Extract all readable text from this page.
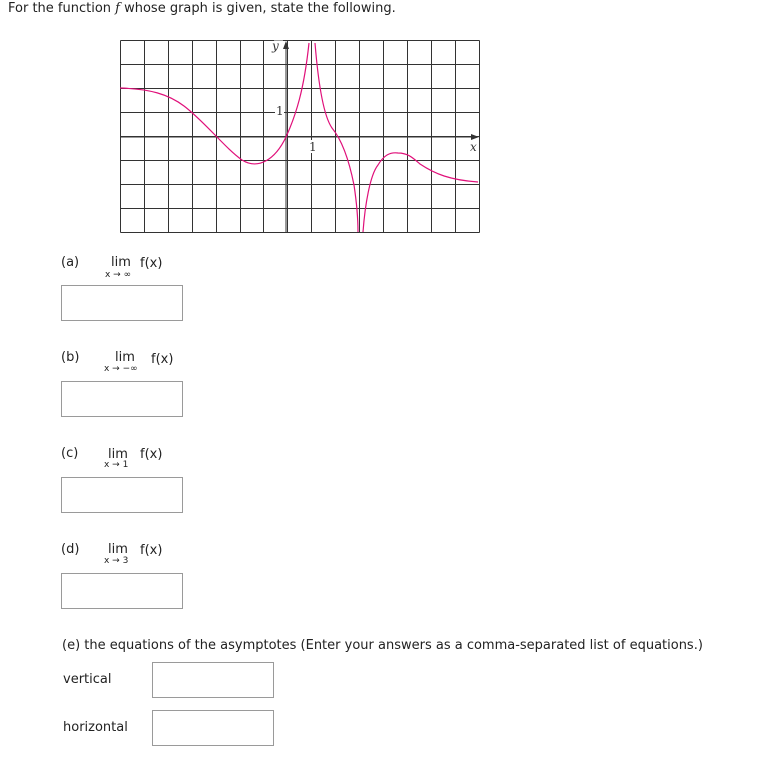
For the function f whose graph is given, state the following.
y
1
1	x
(a) lim f(x)
x → ∞
(b)	lim f(x)
x → −∞
(c) lim f(x)
x → 1
(d) lim f(x)
x → 3
(e) the equations of the asymptotes (Enter your answers as a comma-separated list of equations.)
vertical
horizontal
